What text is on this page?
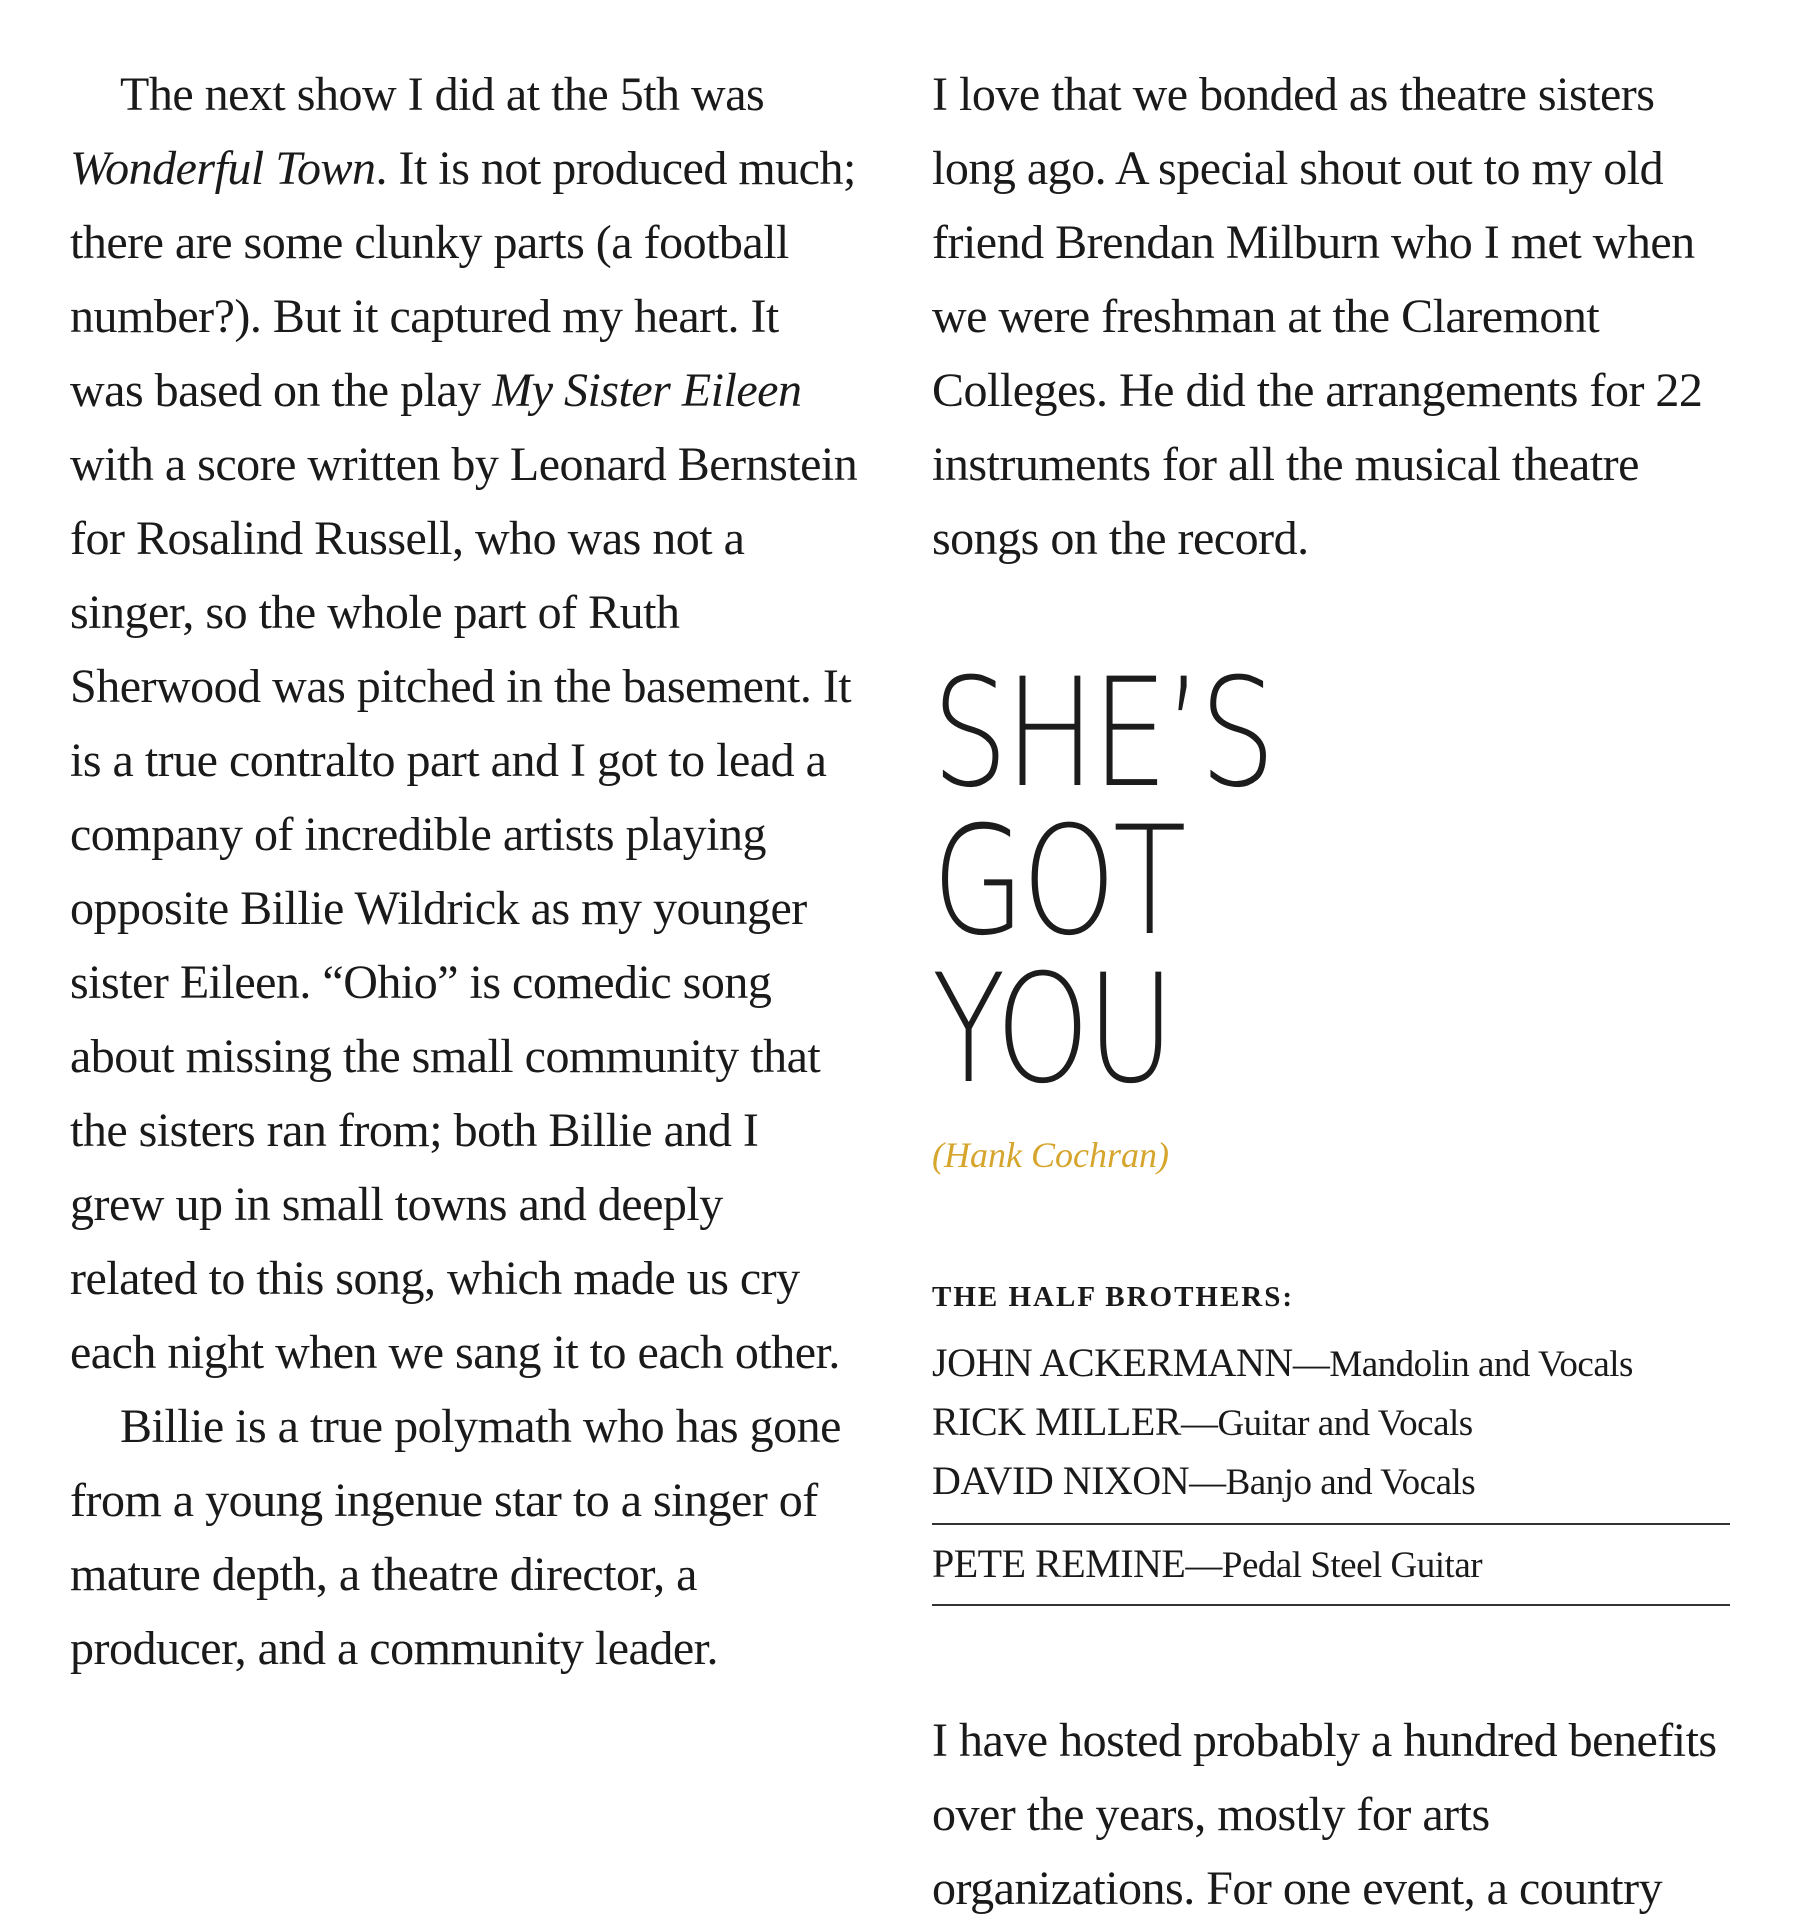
The next show I did at the 5th was Wonderful Town. It is not produced much; there are some clunky parts (a football number?). But it captured my heart. It was based on the play My Sister Eileen with a score written by Leonard Bernstein for Rosalind Russell, who was not a singer, so the whole part of Ruth Sherwood was pitched in the basement. It is a true contralto part and I got to lead a company of incredible artists playing opposite Billie Wildrick as my younger sister Eileen. “Ohio” is comedic song about missing the small community that the sisters ran from; both Billie and I grew up in small towns and deeply related to this song, which made us cry each night when we sang it to each other.

Billie is a true polymath who has gone from a young ingenue star to a singer of mature depth, a theatre director, a producer, and a community leader.

I love that we bonded as theatre sisters long ago. A special shout out to my old friend Brendan Milburn who I met when we were freshman at the Claremont Colleges. He did the arrangements for 22 instruments for all the musical theatre songs on the record.

SHE’S GOT YOU
(Hank Cochran)
THE HALF BROTHERS:
JOHN ACKERMANN—Mandolin and Vocals
RICK MILLER—Guitar and Vocals
DAVID NIXON—Banjo and Vocals
PETE REMINE—Pedal Steel Guitar

I have hosted probably a hundred benefits over the years, mostly for arts organizations. For one event, a country
